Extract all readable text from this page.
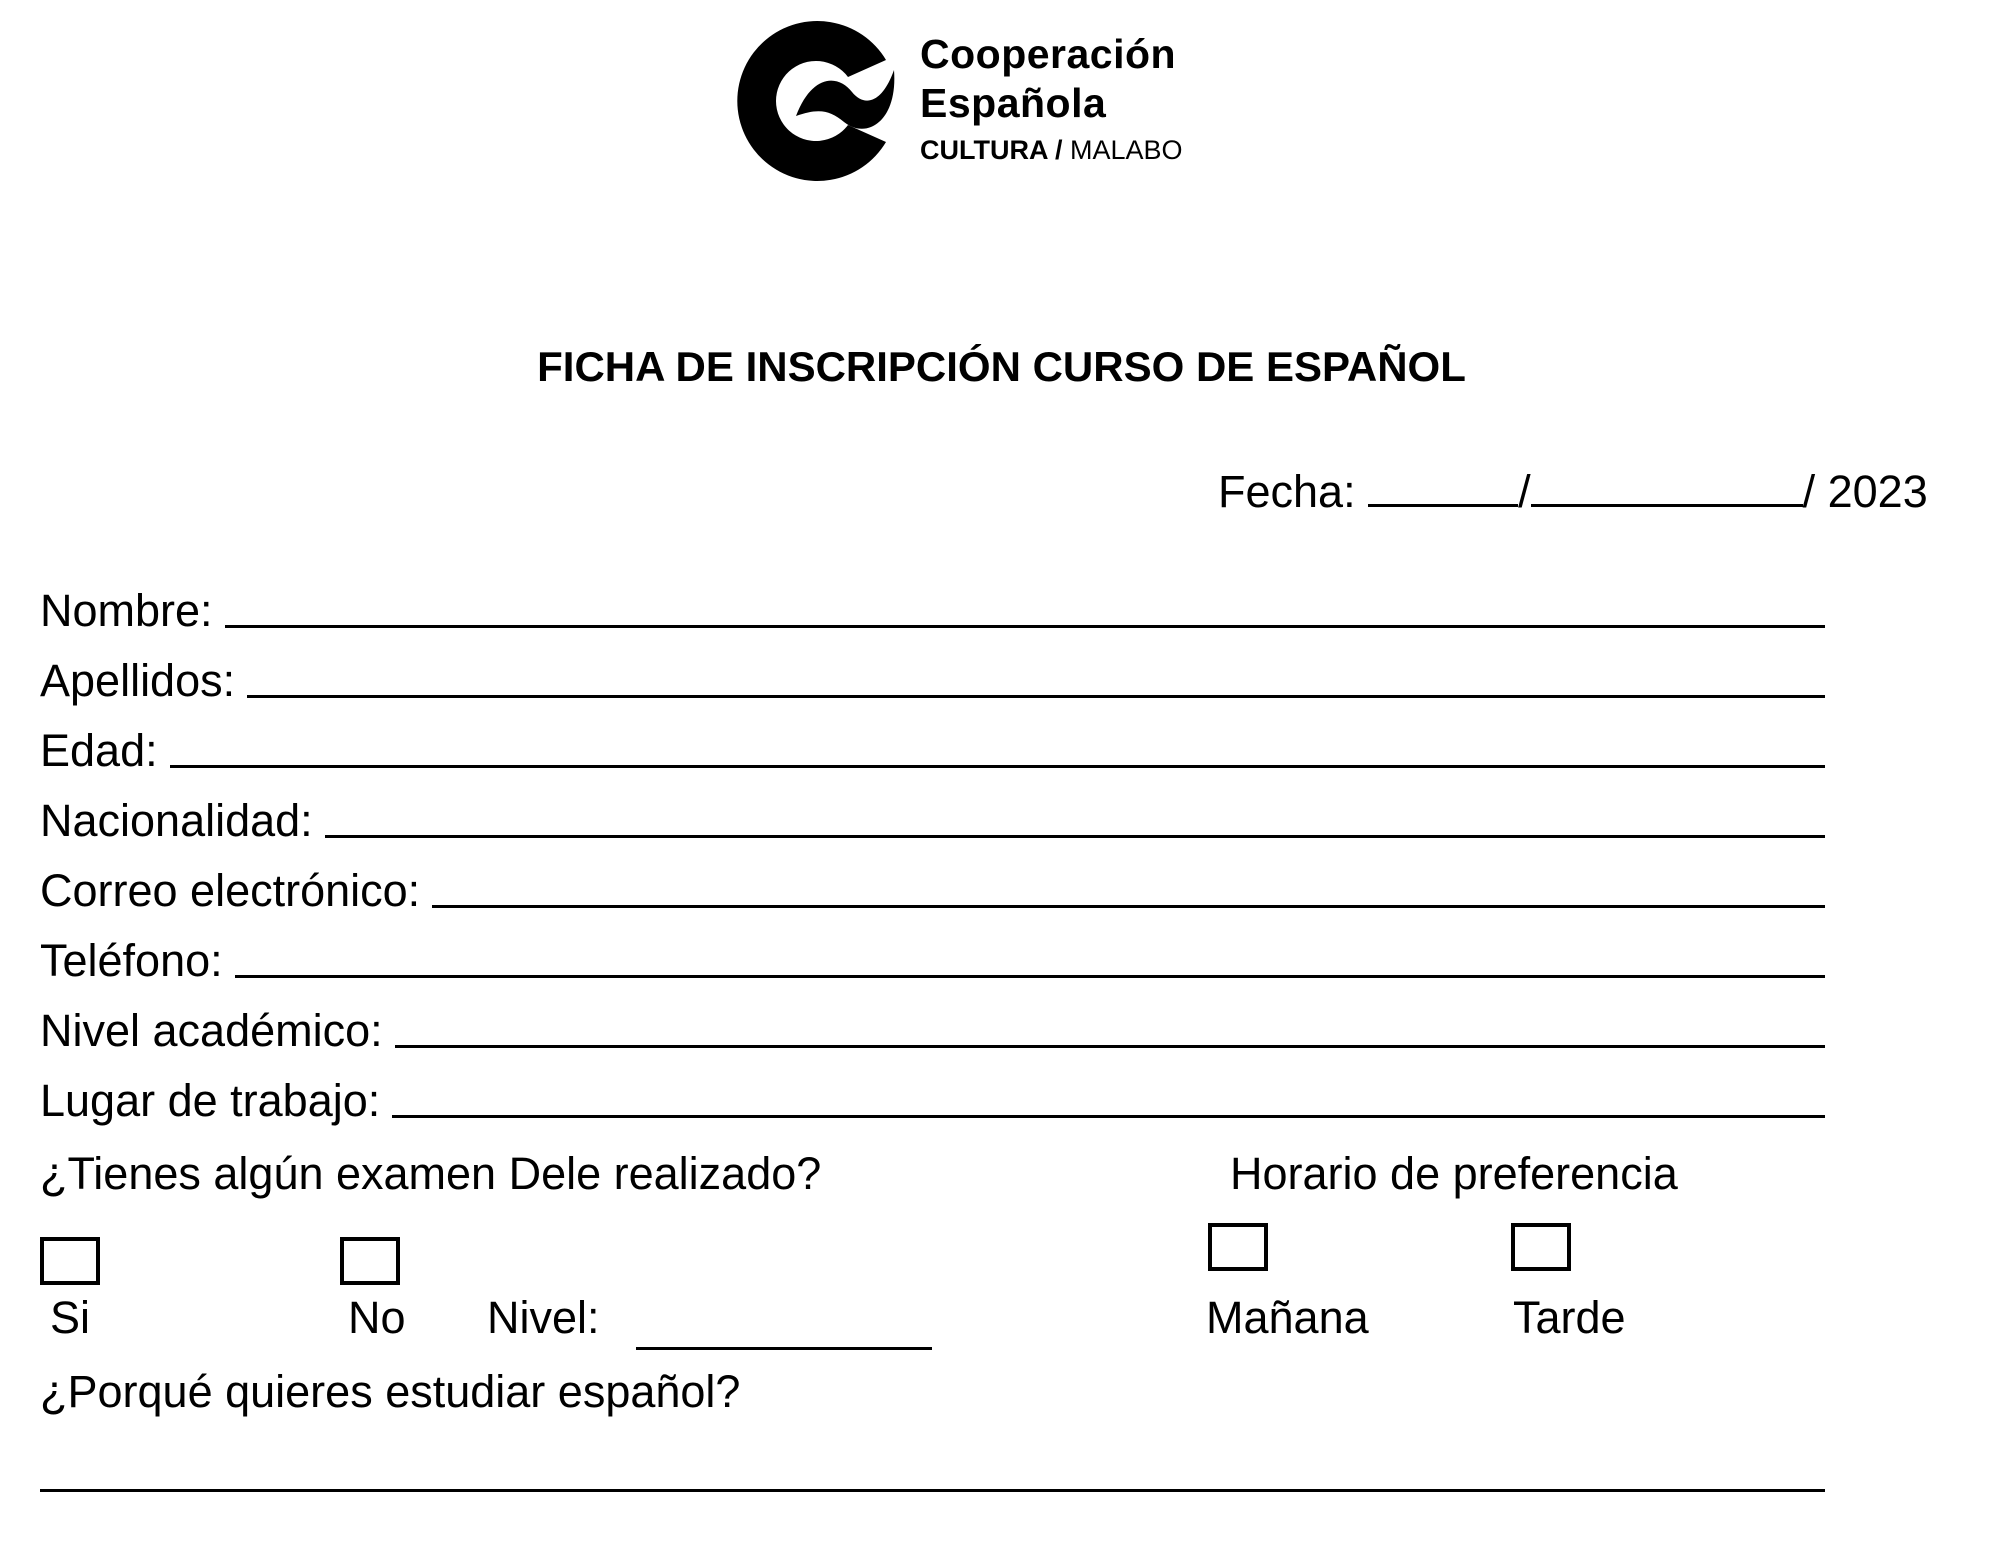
Cooperación
Española
CULTURA / MALABO
FICHA DE INSCRIPCIÓN CURSO DE ESPAÑOL
Fecha:	/	/ 2023
Nombre:
Apellidos:
Edad:
Nacionalidad:
Correo electrónico:
Teléfono:
Nivel académico:
Lugar de trabajo:
¿Tienes algún examen Dele realizado?
Si	No Nivel:
Horario de preferencia
Mañana	Tarde
¿Porqué quieres estudiar español?
